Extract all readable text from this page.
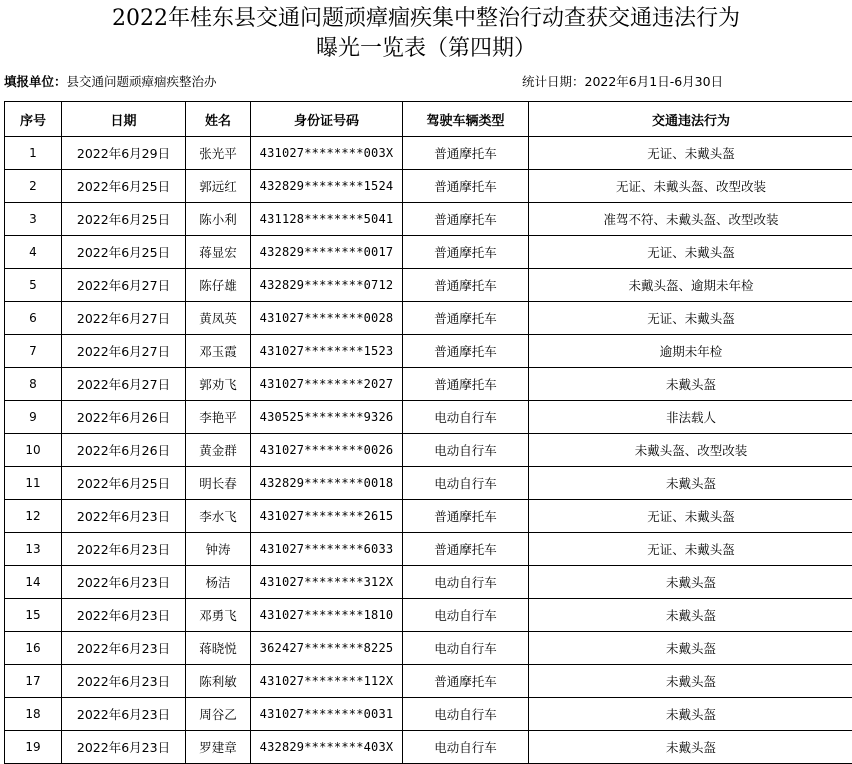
2022年桂东县交通问题顽瘴痼疾集中整治行动查获交通违法行为
曝光一览表（第四期）
填报单位：县交通问题顽瘴痼疾整治办	统计日期：2022年6月1日-6月30日
序号	日期	姓名	身份证号码	驾驶车辆类型	交通违法行为
1	2022年6月29日	张光平	431027********003X	普通摩托车	无证、未戴头盔
2	2022年6月25日	郭远红	432829********1524	普通摩托车	无证、未戴头盔、改型改装
3	2022年6月25日	陈小利	431128********5041	普通摩托车	准驾不符、未戴头盔、改型改装
4	2022年6月25日	蒋显宏	432829********0017	普通摩托车	无证、未戴头盔
5	2022年6月27日	陈仔雄	432829********0712	普通摩托车	未戴头盔、逾期未年检
6	2022年6月27日	黄凤英	431027********0028	普通摩托车	无证、未戴头盔
7	2022年6月27日	邓玉霞	431027********1523	普通摩托车	逾期未年检
8	2022年6月27日	郭劝飞	431027********2027	普通摩托车	未戴头盔
9	2022年6月26日	李艳平	430525********9326	电动自行车	非法载人
10	2022年6月26日	黄金群	431027********0026	电动自行车	未戴头盔、改型改装
11	2022年6月25日	明长春	432829********0018	电动自行车	未戴头盔
12	2022年6月23日	李水飞	431027********2615	普通摩托车	无证、未戴头盔
13	2022年6月23日	钟涛	431027********6033	普通摩托车	无证、未戴头盔
14	2022年6月23日	杨洁	431027********312X	电动自行车	未戴头盔
15	2022年6月23日	邓勇飞	431027********1810	电动自行车	未戴头盔
16	2022年6月23日	蒋晓悦	362427********8225	电动自行车	未戴头盔
17	2022年6月23日	陈利敏	431027********112X	普通摩托车	未戴头盔
18	2022年6月23日	周谷乙	431027********0031	电动自行车	未戴头盔
19	2022年6月23日	罗建章	432829********403X	电动自行车	未戴头盔
